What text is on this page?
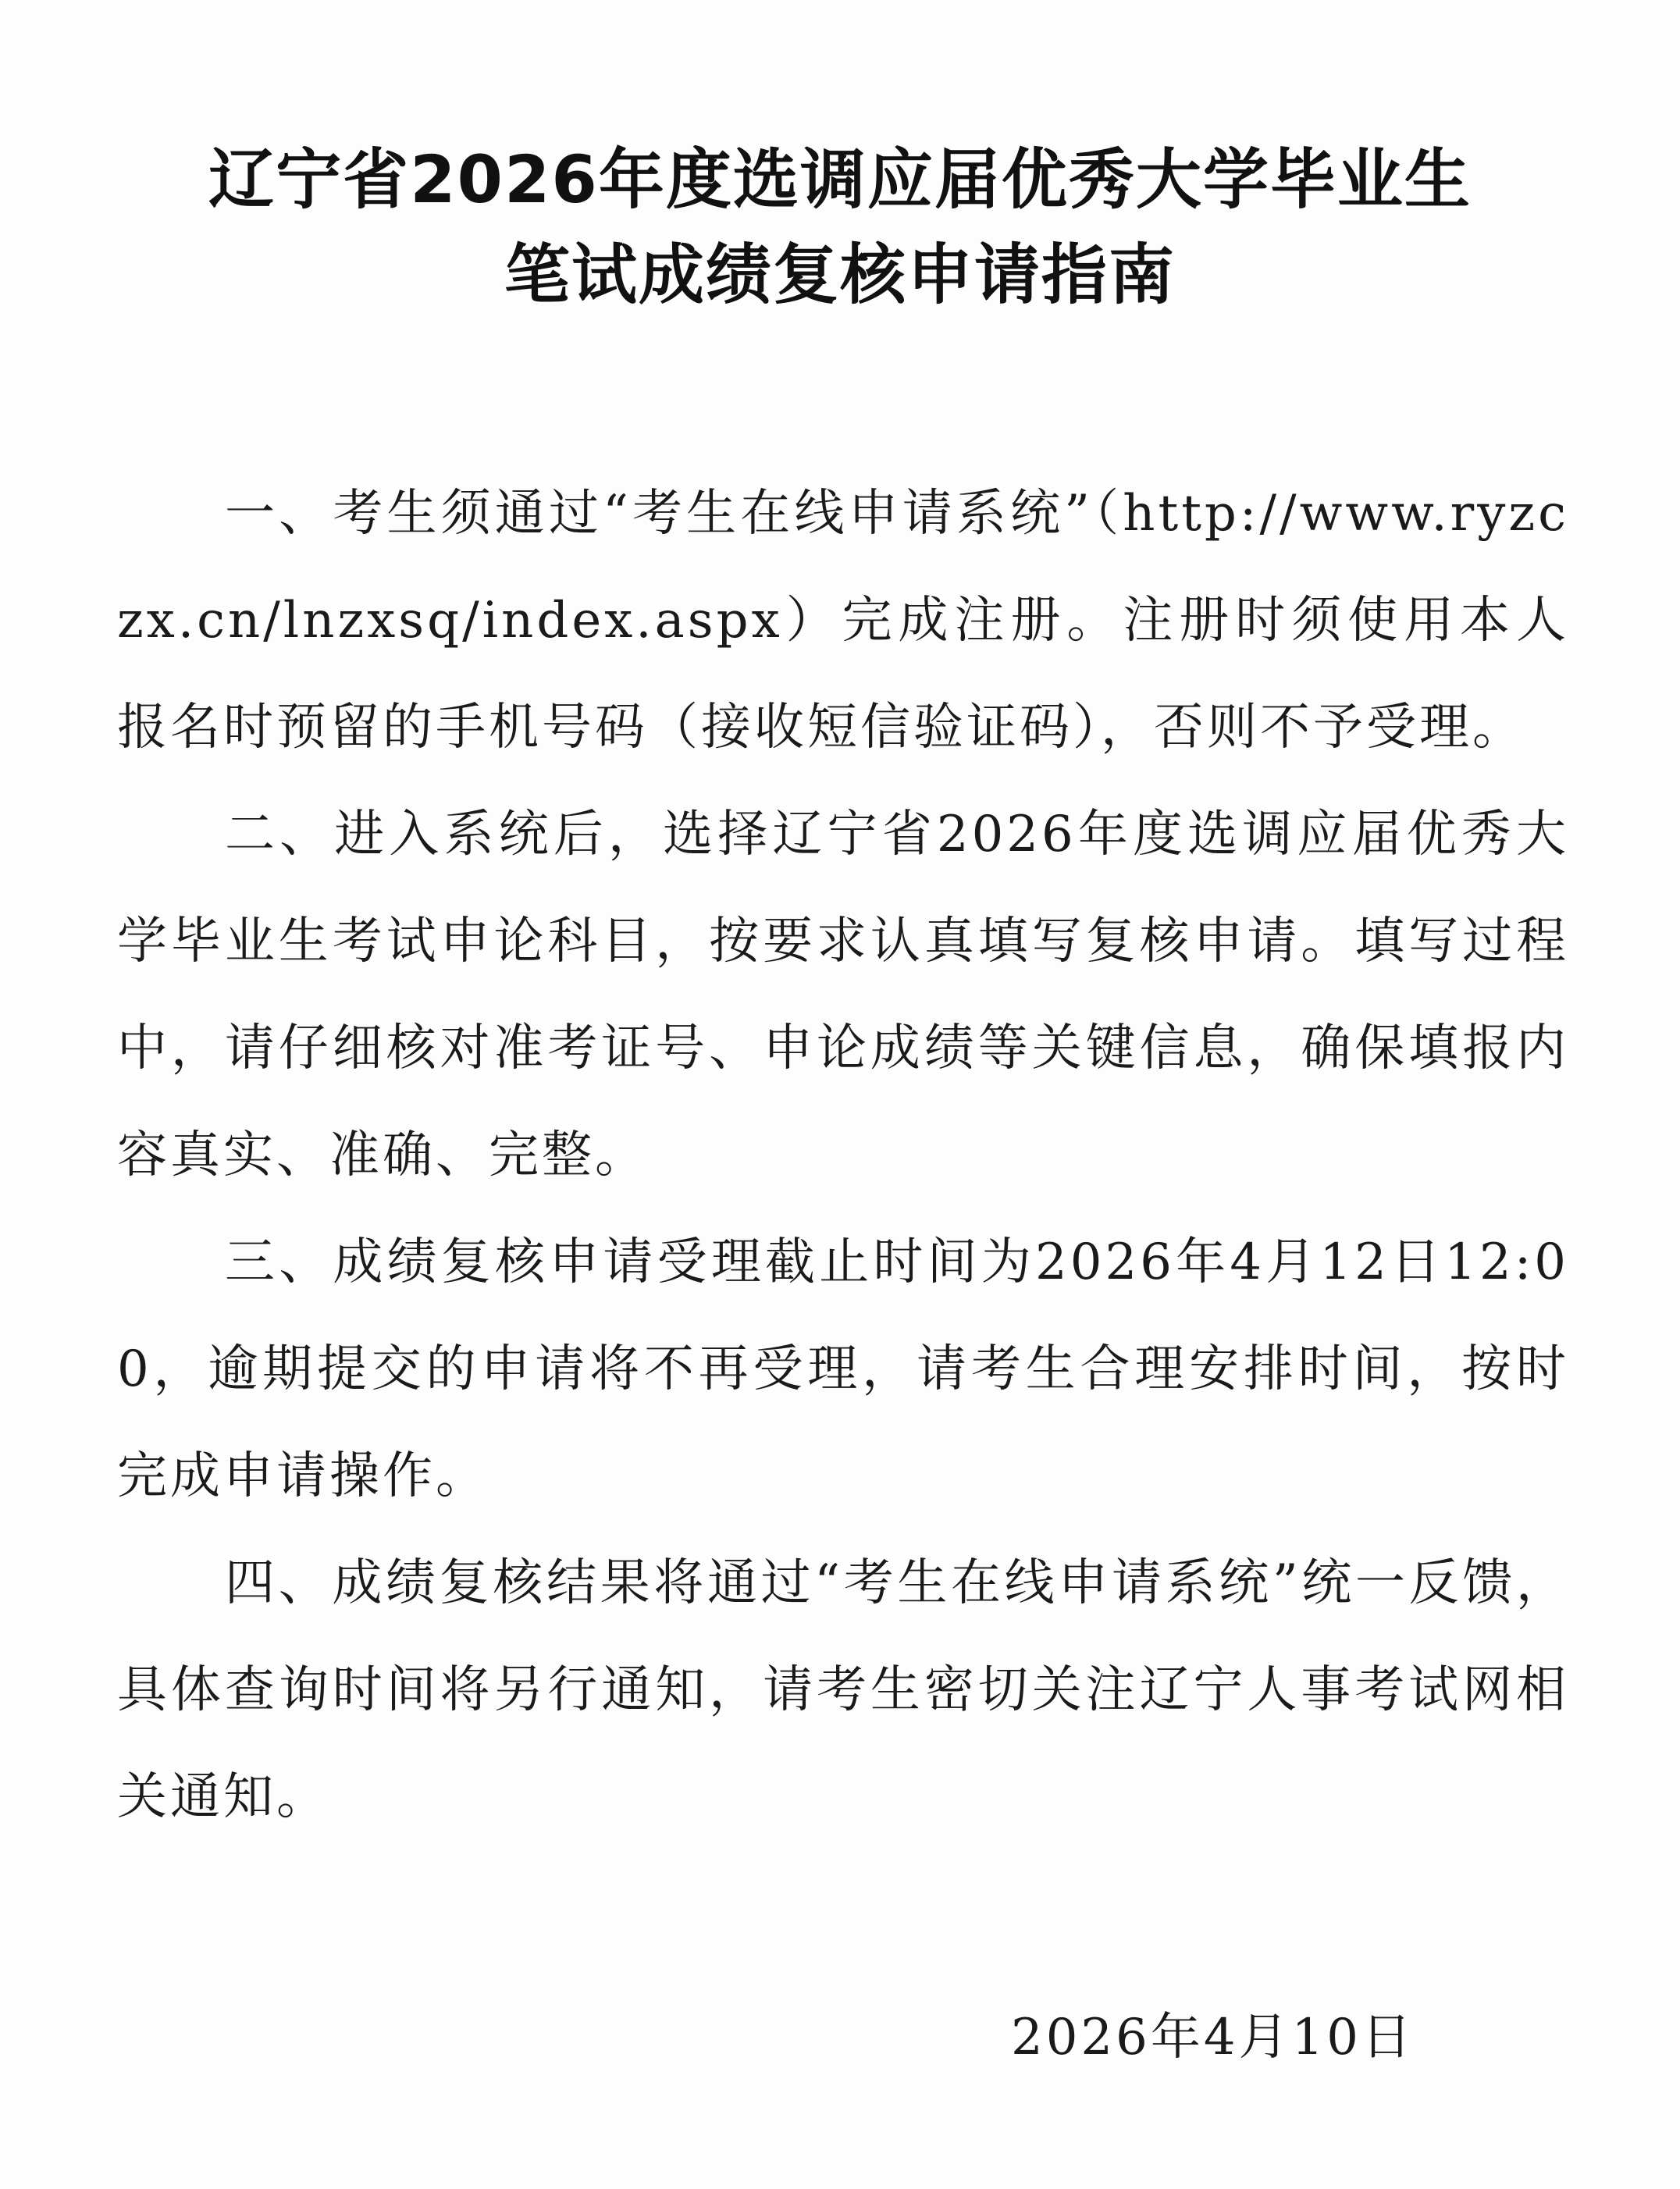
辽宁省2026年度选调应届优秀大学毕业生
笔试成绩复核申请指南

一、考生须通过“考生在线申请系统”（http://www.ryzczx.cn/lnzxsq/index.aspx）完成注册。注册时须使用本人报名时预留的手机号码（接收短信验证码），否则不予受理。

二、进入系统后，选择辽宁省2026年度选调应届优秀大学毕业生考试申论科目，按要求认真填写复核申请。填写过程中，请仔细核对准考证号、申论成绩等关键信息，确保填报内容真实、准确、完整。

三、成绩复核申请受理截止时间为2026年4月12日12:00，逾期提交的申请将不再受理，请考生合理安排时间，按时完成申请操作。

四、成绩复核结果将通过“考生在线申请系统”统一反馈，具体查询时间将另行通知，请考生密切关注辽宁人事考试网相关通知。

2026年4月10日
